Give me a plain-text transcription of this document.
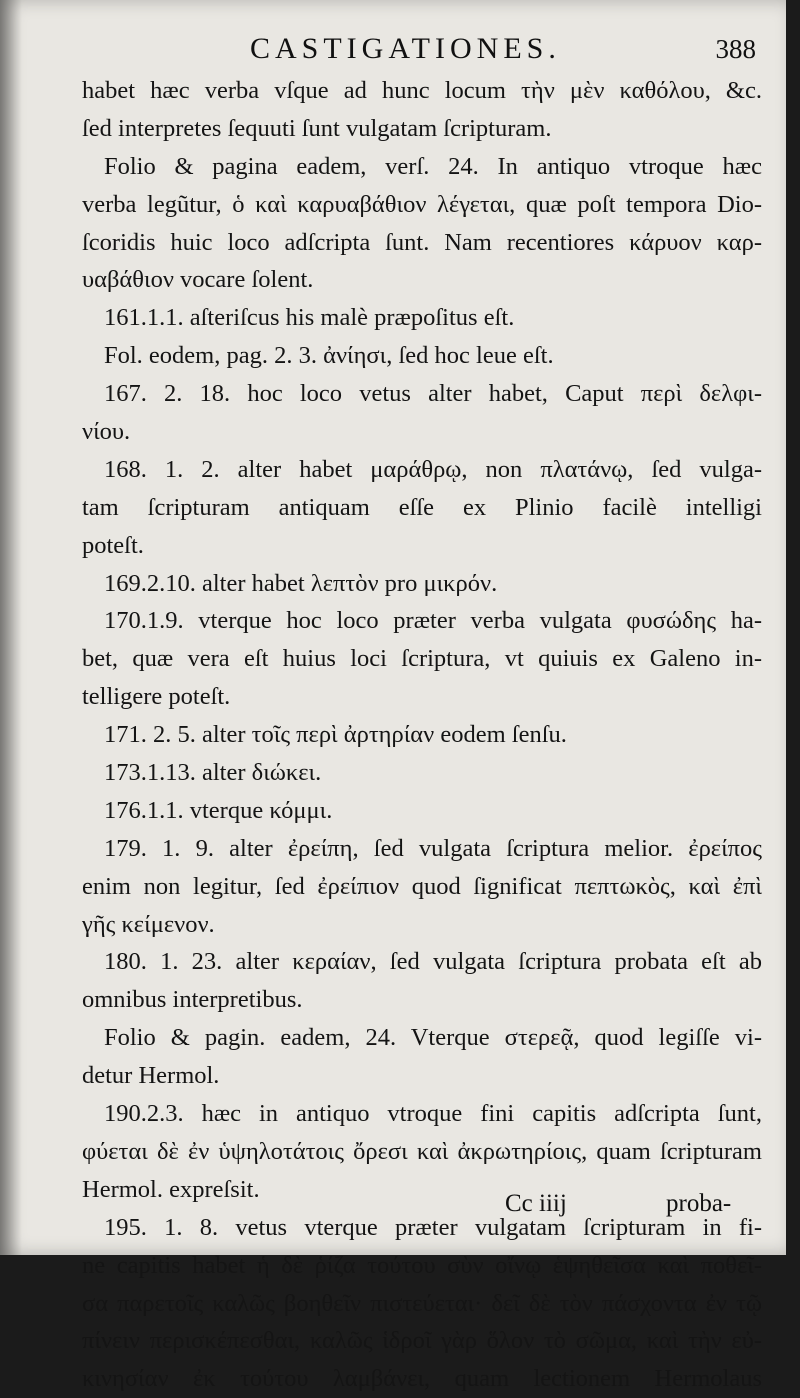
CASTIGATIONES.	388
habet hæc verba vſque ad hunc locum τὴν μὲν καθόλου, &c.
ſed interpretes ſequuti ſunt vulgatam ſcripturam.
Folio & pagina eadem, verſ. 24. In antiquo vtroque hæc
verba legũtur, ὁ καὶ καρυαβάθιον λέγεται, quæ poſt tempora Dio-
ſcoridis huic loco adſcripta ſunt. Nam recentiores κάρυον καρ-
υαβάθιον vocare ſolent.
161.1.1. aſteriſcus his malè præpoſitus eſt.
Fol. eodem, pag. 2. 3. ἀνίησι, ſed hoc leue eſt.
167. 2. 18. hoc loco vetus alter habet, Caput περὶ δελφι-
νίου.
168. 1. 2. alter habet μαράθρῳ, non πλατάνῳ, ſed vulga-
tam ſcripturam antiquam eſſe ex Plinio facilè intelligi
poteſt.
169.2.10. alter habet λεπτὸν pro μικρόν.
170.1.9. vterque hoc loco præter verba vulgata φυσώδης ha-
bet, quæ vera eſt huius loci ſcriptura, vt quiuis ex Galeno in-
telligere poteſt.
171. 2. 5. alter τοῖς περὶ ἀρτηρίαν eodem ſenſu.
173.1.13. alter διώκει.
176.1.1. vterque κόμμι.
179. 1. 9. alter ἐρείπη, ſed vulgata ſcriptura melior. ἐρείπος
enim non legitur, ſed ἐρείπιον quod ſignificat πεπτωκὸς, καὶ ἐπὶ
γῆς κείμενον.
180. 1. 23. alter κεραίαν, ſed vulgata ſcriptura probata eſt ab
omnibus interpretibus.
Folio & pagin. eadem, 24. Vterque στερεᾷ, quod legiſſe vi-
detur Hermol.
190.2.3. hæc in antiquo vtroque fini capitis adſcripta ſunt,
φύεται δὲ ἐν ὑψηλοτάτοις ὄρεσι καὶ ἀκρωτηρίοις, quam ſcripturam
Hermol. expreſsit.
195. 1. 8. vetus vterque præter vulgatam ſcripturam in fi-
ne capitis habet ἡ δὲ ῥίζα τούτου σὺν οἴνῳ ἑψηθεῖσα καὶ ποθεῖ-
σα παρετοῖς καλῶς βοηθεῖν πιστεύεται· δεῖ δὲ τὸν πάσχοντα ἐν τῷ
πίνειν περισκέπεσθαι, καλῶς ἱδροῖ γὰρ ὅλον τὸ σῶμα, καὶ τὴν εὐ-
κινησίαν ἐκ τούτου λαμβάνει, quam lectionem Hermolaus
Cc iiij	proba-
